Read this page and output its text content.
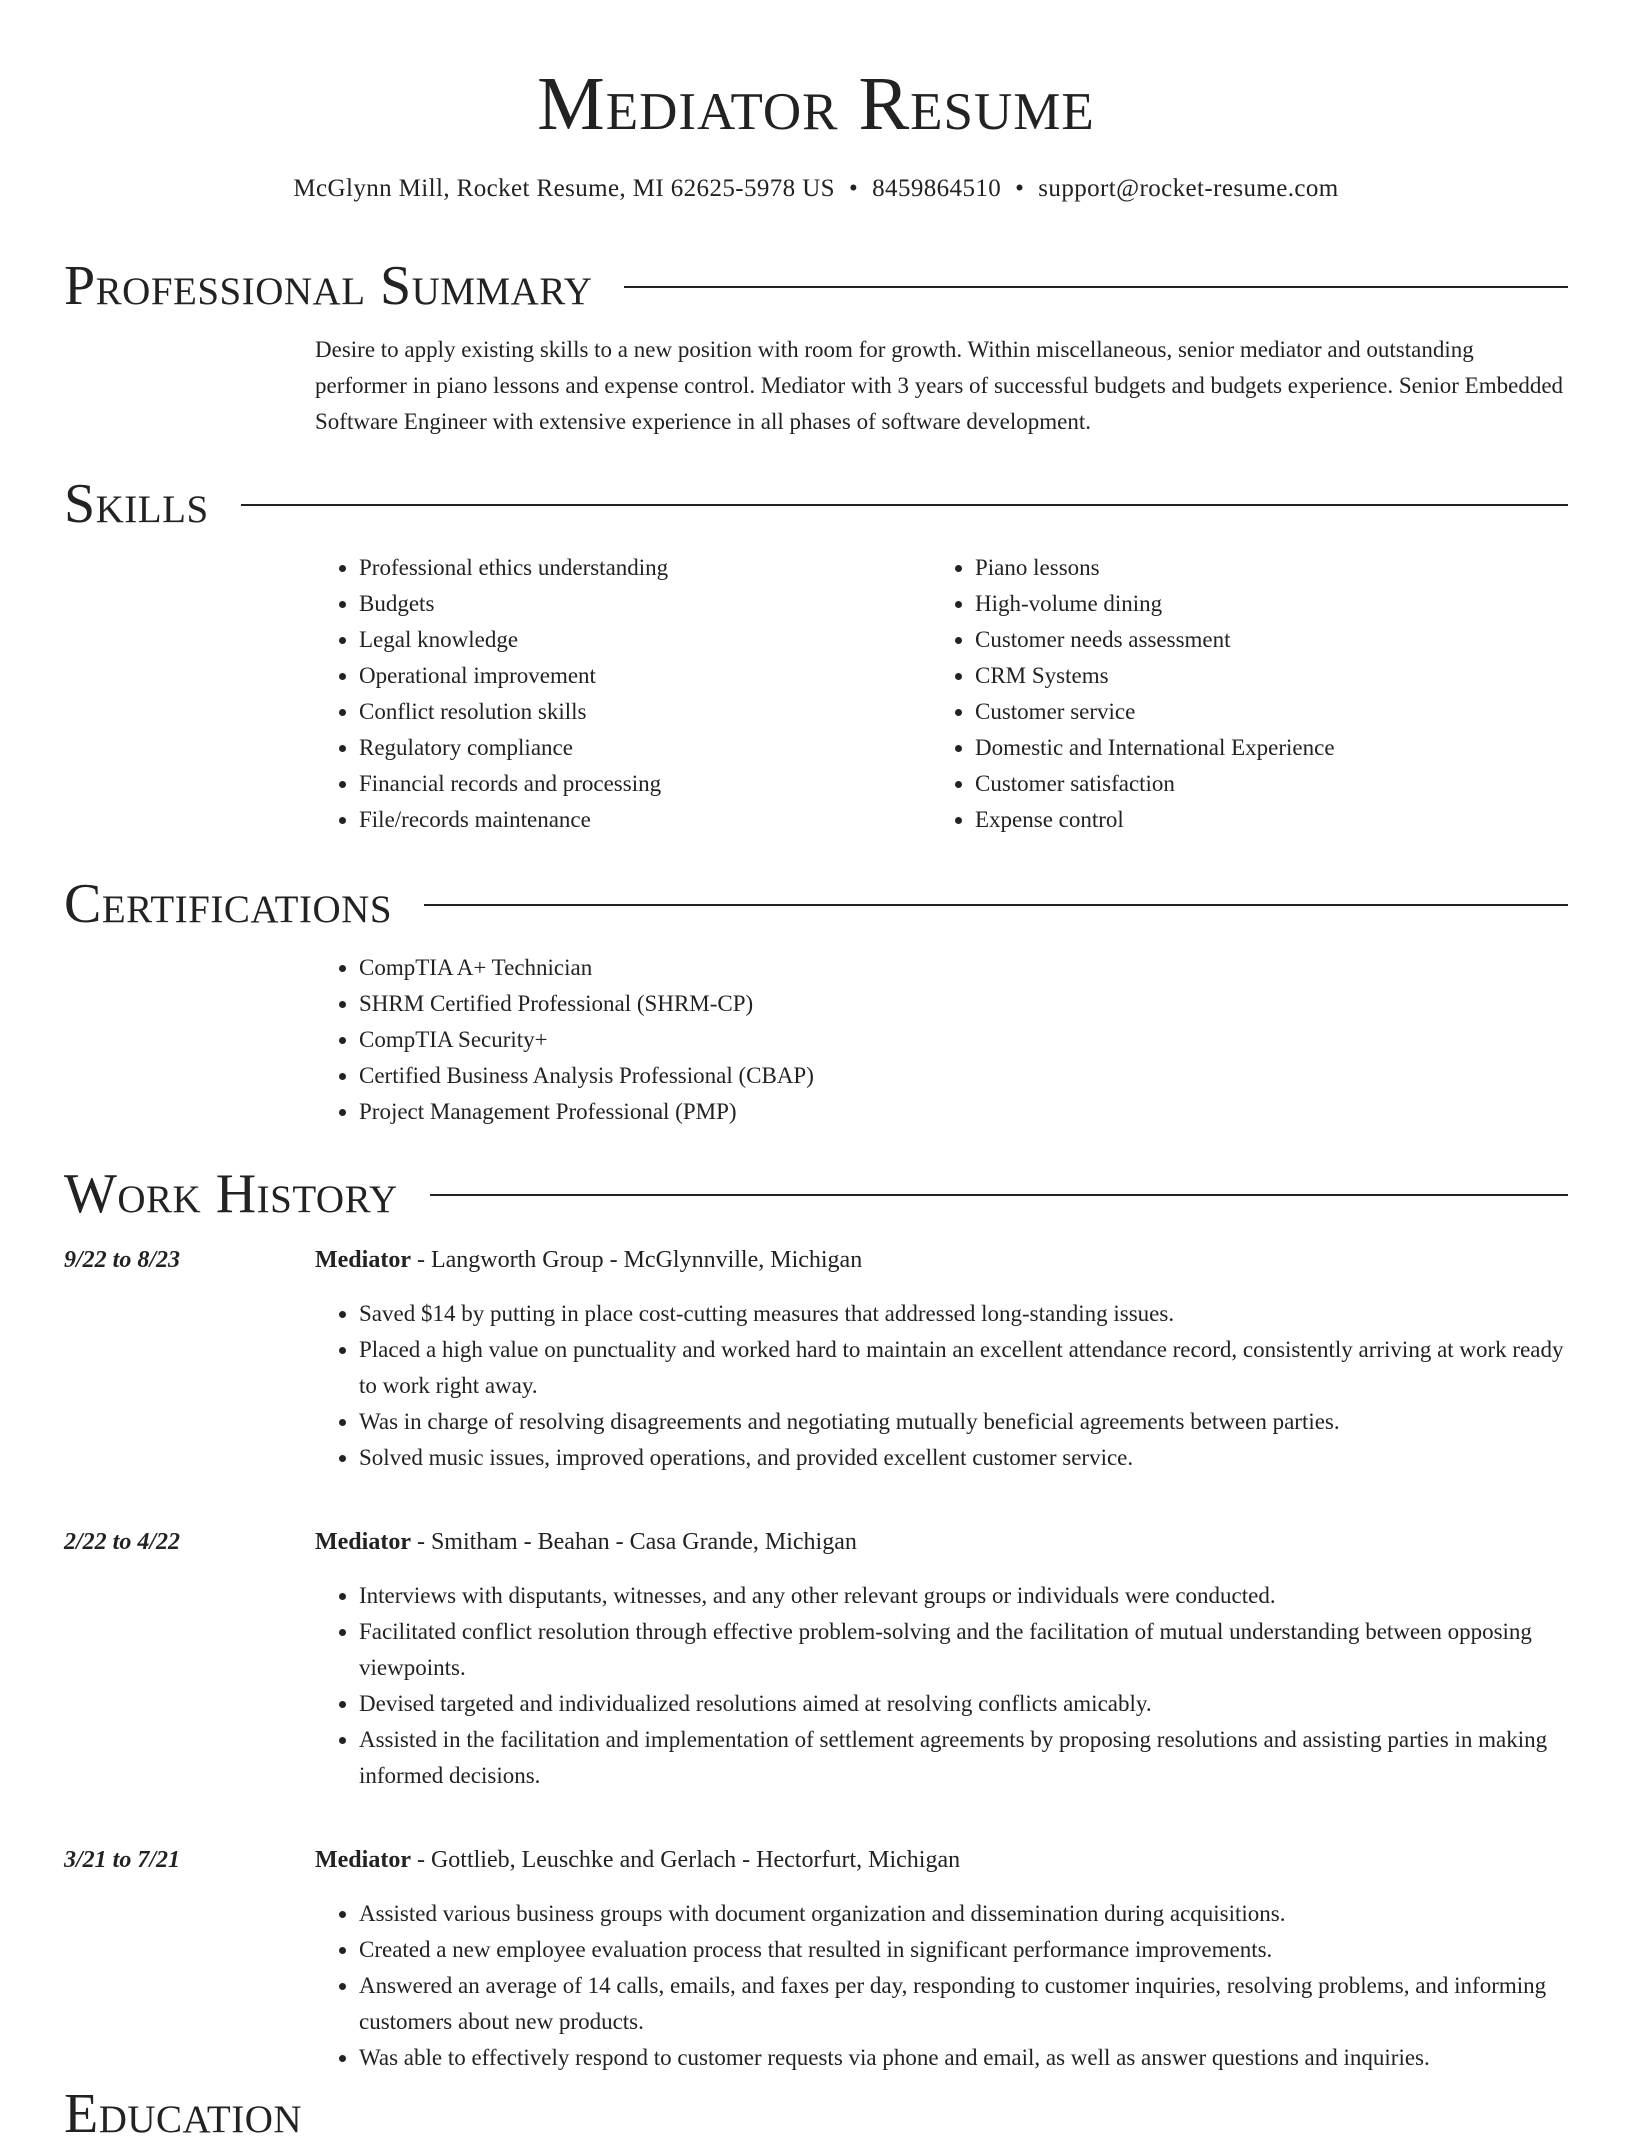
Mediator Resume
McGlynn Mill, Rocket Resume, MI 62625-5978 US • 8459864510 • support@rocket-resume.com
Professional Summary

Desire to apply existing skills to a new position with room for growth. Within miscellaneous, senior mediator and outstanding performer in piano lessons and expense control. Mediator with 3 years of successful budgets and budgets experience. Senior Embedded Software Engineer with extensive experience in all phases of software development.

Skills
• Professional ethics understanding
• Budgets
• Legal knowledge
• Operational improvement
• Conflict resolution skills
• Regulatory compliance
• Financial records and processing
• File/records maintenance
• Piano lessons
• High-volume dining
• Customer needs assessment
• CRM Systems
• Customer service
• Domestic and International Experience
• Customer satisfaction
• Expense control
Certifications
• CompTIA A+ Technician
• SHRM Certified Professional (SHRM-CP)
• CompTIA Security+
• Certified Business Analysis Professional (CBAP)
• Project Management Professional (PMP)
Work History
9/22 to 8/23	Mediator - Langworth Group - McGlynnville, Michigan
• Saved $14 by putting in place cost-cutting measures that addressed long-standing issues.
• Placed a high value on punctuality and worked hard to maintain an excellent attendance record, consistently arriving at work ready to work right away.
• Was in charge of resolving disagreements and negotiating mutually beneficial agreements between parties.
• Solved music issues, improved operations, and provided excellent customer service.
2/22 to 4/22	Mediator - Smitham - Beahan - Casa Grande, Michigan
• Interviews with disputants, witnesses, and any other relevant groups or individuals were conducted.
• Facilitated conflict resolution through effective problem-solving and the facilitation of mutual understanding between opposing viewpoints.
• Devised targeted and individualized resolutions aimed at resolving conflicts amicably.
• Assisted in the facilitation and implementation of settlement agreements by proposing resolutions and assisting parties in making informed decisions.
3/21 to 7/21	Mediator - Gottlieb, Leuschke and Gerlach - Hectorfurt, Michigan
• Assisted various business groups with document organization and dissemination during acquisitions.
• Created a new employee evaluation process that resulted in significant performance improvements.
• Answered an average of 14 calls, emails, and faxes per day, responding to customer inquiries, resolving problems, and informing customers about new products.
• Was able to effectively respond to customer requests via phone and email, as well as answer questions and inquiries.
Education
